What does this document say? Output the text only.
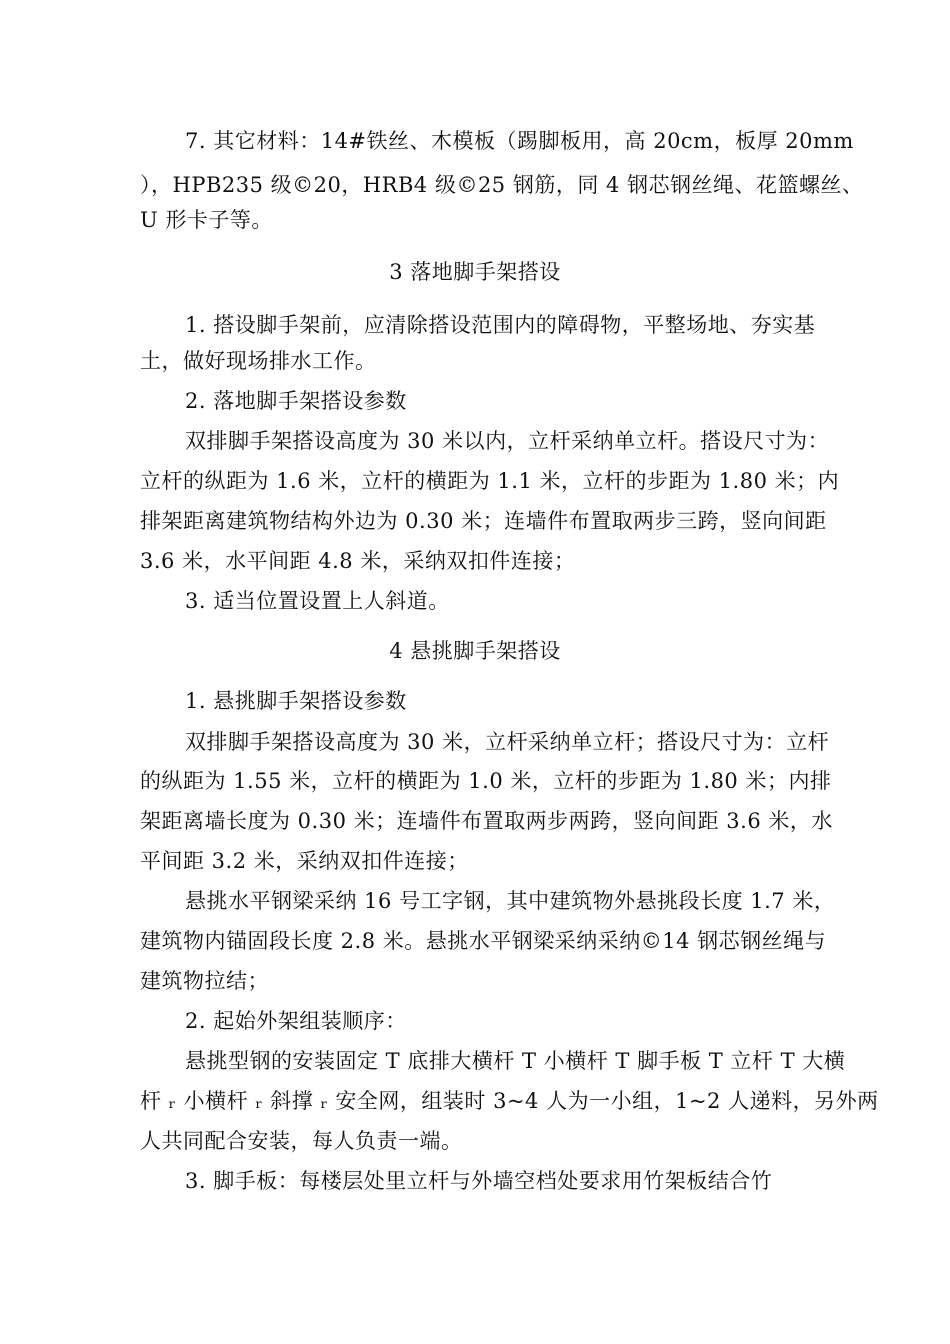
7. 其它材料：14#铁丝、木模板（踢脚板用，高 20cm，板厚 20mm
），HPB235 级©20，HRB4 级©25 钢筋，同 4 钢芯钢丝绳、花篮螺丝、
U 形卡子等。
3 落地脚手架搭设
1. 搭设脚手架前，应清除搭设范围内的障碍物，平整场地、夯实基
土，做好现场排水工作。
2. 落地脚手架搭设参数
双排脚手架搭设高度为 30 米以内，立杆采纳单立杆。搭设尺寸为：
立杆的纵距为 1.6 米，立杆的横距为 1.1 米，立杆的步距为 1.80 米；内
排架距离建筑物结构外边为 0.30 米；连墙件布置取两步三跨，竖向间距
3.6 米，水平间距 4.8 米，采纳双扣件连接；
3. 适当位置设置上人斜道。
4 悬挑脚手架搭设
1. 悬挑脚手架搭设参数
双排脚手架搭设高度为 30 米，立杆采纳单立杆；搭设尺寸为：立杆
的纵距为 1.55 米，立杆的横距为 1.0 米，立杆的步距为 1.80 米；内排
架距离墙长度为 0.30 米；连墙件布置取两步两跨，竖向间距 3.6 米，水
平间距 3.2 米，采纳双扣件连接；
悬挑水平钢梁采纳 16 号工字钢，其中建筑物外悬挑段长度 1.7 米，
建筑物内锚固段长度 2.8 米。悬挑水平钢梁采纳采纳©14 钢芯钢丝绳与
建筑物拉结；
2. 起始外架组装顺序：
悬挑型钢的安装固定 T 底排大横杆 T 小横杆 T 脚手板 T 立杆 T 大横
杆 ᵣ 小横杆 ᵣ 斜撑 ᵣ 安全网，组装时 3~4 人为一小组，1~2 人递料，另外两
人共同配合安装，每人负责一端。
3. 脚手板：每楼层处里立杆与外墙空档处要求用竹架板结合竹
